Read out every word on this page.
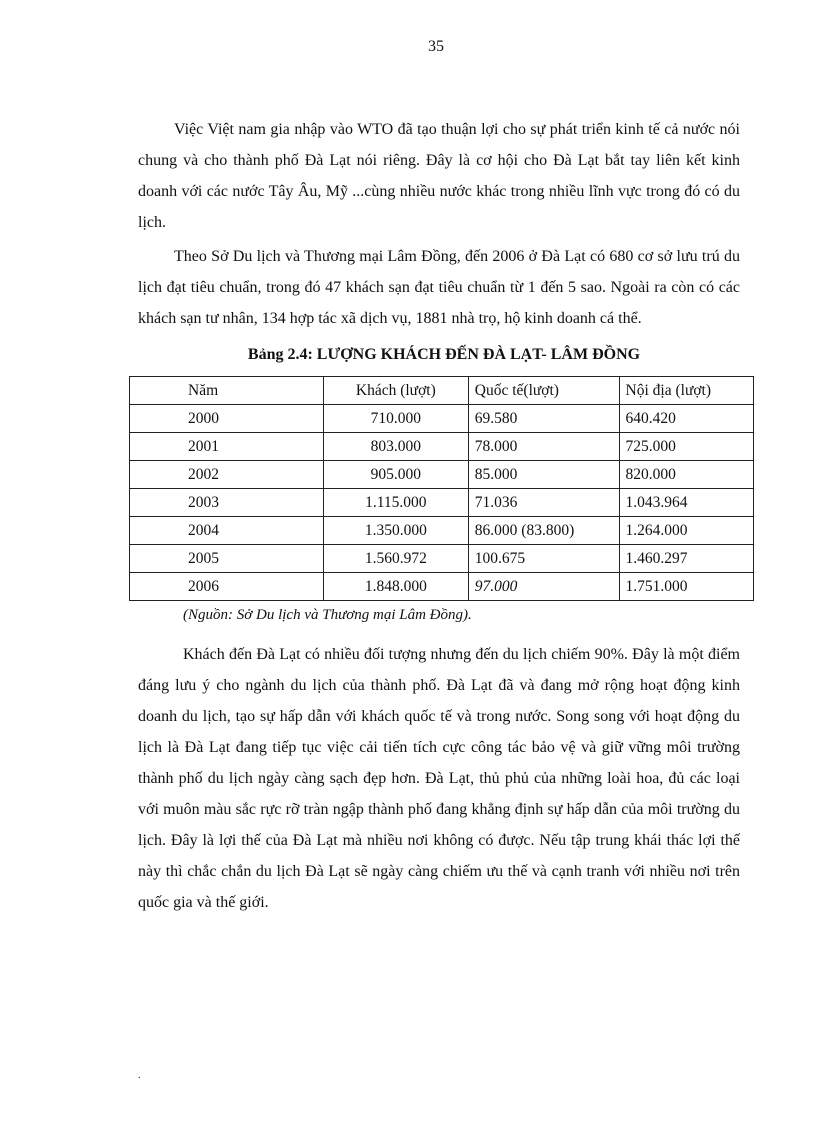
35

Việc Việt nam gia nhập vào WTO đã tạo thuận lợi cho sự phát triển kinh tế cả nước nói chung và cho thành phố Đà Lạt nói riêng. Đây là cơ hội cho Đà Lạt bắt tay liên kết kinh doanh với các nước Tây Âu, Mỹ ...cùng nhiều nước khác trong nhiều lĩnh vực trong đó có du lịch.

Theo Sở Du lịch và Thương mại Lâm Đồng, đến 2006 ở Đà Lạt có 680 cơ sở lưu trú du lịch đạt tiêu chuẩn, trong đó 47 khách sạn đạt tiêu chuẩn từ 1 đến 5 sao. Ngoài ra còn có các khách sạn tư nhân, 134 hợp tác xã dịch vụ, 1881 nhà trọ, hộ kinh doanh cá thể.

Bảng 2.4: LƯỢNG KHÁCH ĐẾN ĐÀ LẠT- LÂM ĐỒNG
Năm	Khách (lượt)	Quốc tế(lượt)	Nội địa (lượt)
2000	710.000	69.580	640.420
2001	803.000	78.000	725.000
2002	905.000	85.000	820.000
2003	1.115.000	71.036	1.043.964
2004	1.350.000	86.000 (83.800)	1.264.000
2005	1.560.972	100.675	1.460.297
2006	1.848.000	97.000	1.751.000
(Nguồn: Sở Du lịch và Thương mại Lâm Đồng).

Khách đến Đà Lạt có nhiều đối tượng nhưng đến du lịch chiếm 90%. Đây là một điểm đáng lưu ý cho ngành du lịch của thành phố. Đà Lạt đã và đang mở rộng hoạt động kinh doanh du lịch, tạo sự hấp dẫn với khách quốc tế và trong nước. Song song với hoạt động du lịch là Đà Lạt đang tiếp tục việc cải tiến tích cực công tác bảo vệ và giữ vững môi trường thành phố du lịch ngày càng sạch đẹp hơn. Đà Lạt, thủ phủ của những loài hoa, đủ các loại với muôn màu sắc rực rỡ tràn ngập thành phố đang khẳng định sự hấp dẫn của môi trường du lịch. Đây là lợi thế của Đà Lạt mà nhiều nơi không có được. Nếu tập trung khái thác lợi thế này thì chắc chắn du lịch Đà Lạt sẽ ngày càng chiếm ưu thế và cạnh tranh với nhiều nơi trên quốc gia và thế giới.

.
